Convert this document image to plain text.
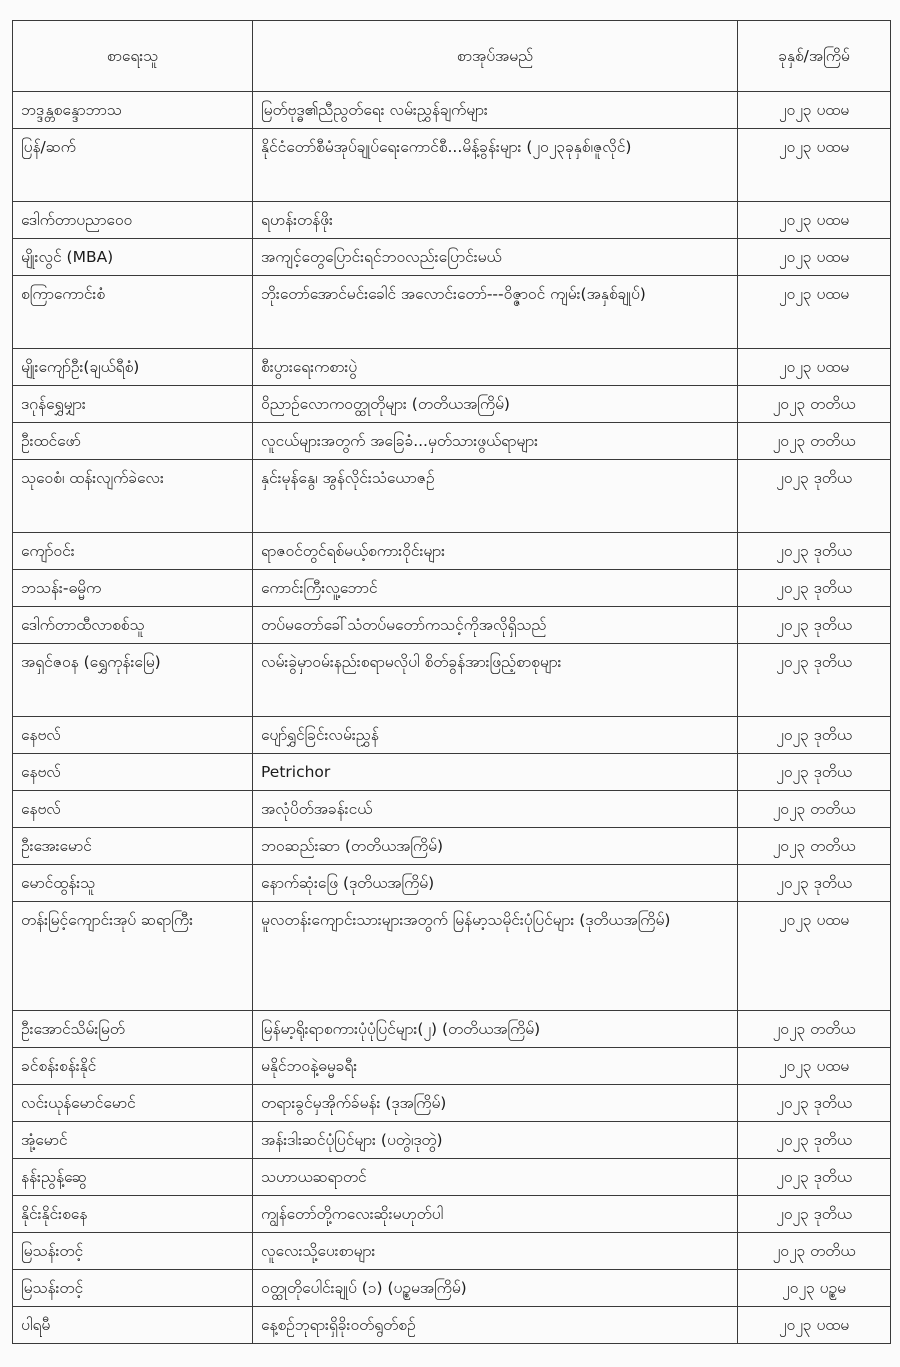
စာရေးသူ	စာအုပ်အမည်	ခုနှစ်/အကြိမ်
ဘဒ္ဒန္တစန္ဒောဘာသ	မြတ်ဗုဒ္ဓ၏ညီညွတ်ရေး လမ်းညွှန်ချက်များ	၂၀၂၃ ပထမ
ပြန်/ဆက်	နိုင်ငံတော်စီမံအုပ်ချုပ်ရေးကောင်စီ...မိန့်ခွန်းများ (၂၀၂၃ခုနှစ်၊ဇူလိုင်)	၂၀၂၃ ပထမ
ဒေါက်တာပညာဝေဝ	ရဟန်းတန်ဖိုး	၂၀၂၃ ပထမ
မျိုးလွင် (MBA)	အကျင့်တွေပြောင်းရင်ဘဝလည်းပြောင်းမယ်	၂၀၂၃ ပထမ
စကြာကောင်းစံ	ဘိုးတော်အောင်မင်းခေါင် အလောင်းတော်---ဝိဇ္ဇာဝင် ကျမ်း(အနှစ်ချုပ်)	၂၀၂၃ ပထမ
မျိုးကျော်ဦး(ချယ်ရီစံ)	စီးပွားရေးကစားပွဲ	၂၀၂၃ ပထမ
ဒဂုန်ရွှေမျှား	ဝိညာဉ်လောကဝတ္ထုတိုများ (တတိယအကြိမ်)	၂၀၂၃ တတိယ
ဦးထင်ဖော်	လူငယ်များအတွက် အခြေခံ...မှတ်သားဖွယ်ရာများ	၂၀၂၃ တတိယ
သုဝေစံ၊ ထန်းလျက်ခဲလေး	နှင်းမုန်နွေ၊ အွန်လိုင်းသံယောဇဉ်	၂၀၂၃ ဒုတိယ
ကျော်ဝင်း	ရာဇဝင်တွင်ရစ်မယ့်စကားဝိုင်းများ	၂၀၂၃ ဒုတိယ
ဘသန်း-ဓမ္မိက	ကောင်းကြီးလူ့ဘောင်	၂၀၂၃ ဒုတိယ
ဒေါက်တာထီလာစစ်သူ	တပ်မတော်ခေါ်သံတပ်မတော်ကသင့်ကိုအလိုရှိသည်	၂၀၂၃ ဒုတိယ
အရှင်ဇဝန (ရွှေကုန်းမြေ)	လမ်းခွဲမှာဝမ်းနည်းစရာမလိုပါ စိတ်ခွန်အားဖြည့်စာစုများ	၂၀၂၃ ဒုတိယ
နေဗလ်	ပျော်ရွှင်ခြင်းလမ်းညွှန်	၂၀၂၃ ဒုတိယ
နေဗလ်	Petrichor	၂၀၂၃ ဒုတိယ
နေဗလ်	အလုံပိတ်အခန်းငယ်	၂၀၂၃ တတိယ
ဦးအေးမောင်	ဘဝဆည်းဆာ (တတိယအကြိမ်)	၂၀၂၃ တတိယ
မောင်ထွန်းသူ	နောက်ဆုံးဖြေ (ဒုတိယအကြိမ်)	၂၀၂၃ ဒုတိယ
တန်းမြင့်ကျောင်းအုပ် ဆရာကြီး	မူလတန်းကျောင်းသားများအတွက် မြန်မာ့သမိုင်းပုံပြင်များ (ဒုတိယအကြိမ်)	၂၀၂၃ ပထမ
ဦးအောင်သိမ်းမြတ်	မြန်မာ့ရိုးရာစကားပုံပုံပြင်များ(၂) (တတိယအကြိမ်)	၂၀၂၃ တတိယ
ခင်စန်းစန်းနိုင်	မနိုင်ဘဝနဲ့ဓမ္မခရီး	၂၀၂၃ ပထမ
လင်းယုန်မောင်မောင်	တရားခွင်မှအိုက်ခ်မန်း (ဒုအကြိမ်)	၂၀၂၃ ဒုတိယ
အုံ့မောင်	အန်းဒါးဆင်ပုံပြင်များ (ပတွဲ၊ဒုတွဲ)	၂၀၂၃ ဒုတိယ
နန်းညွန့်ဆွေ	သဟာယဆရာတင်	၂၀၂၃ ဒုတိယ
နိုင်းနိုင်းစနေ	ကျွန်တော်တို့ကလေးဆိုးမဟုတ်ပါ	၂၀၂၃ ဒုတိယ
မြသန်းတင့်	လူလေးသို့ပေးစာများ	၂၀၂၃ တတိယ
မြသန်းတင့်	ဝတ္ထုတိုပေါင်းချုပ် (၁) (ပဥ္စမအကြိမ်)	၂၀၂၃ ပဥ္စမ
ပါရမီ	နေ့စဉ်ဘုရားရှိခိုးဝတ်ရွတ်စဉ်	၂၀၂၃ ပထမ
